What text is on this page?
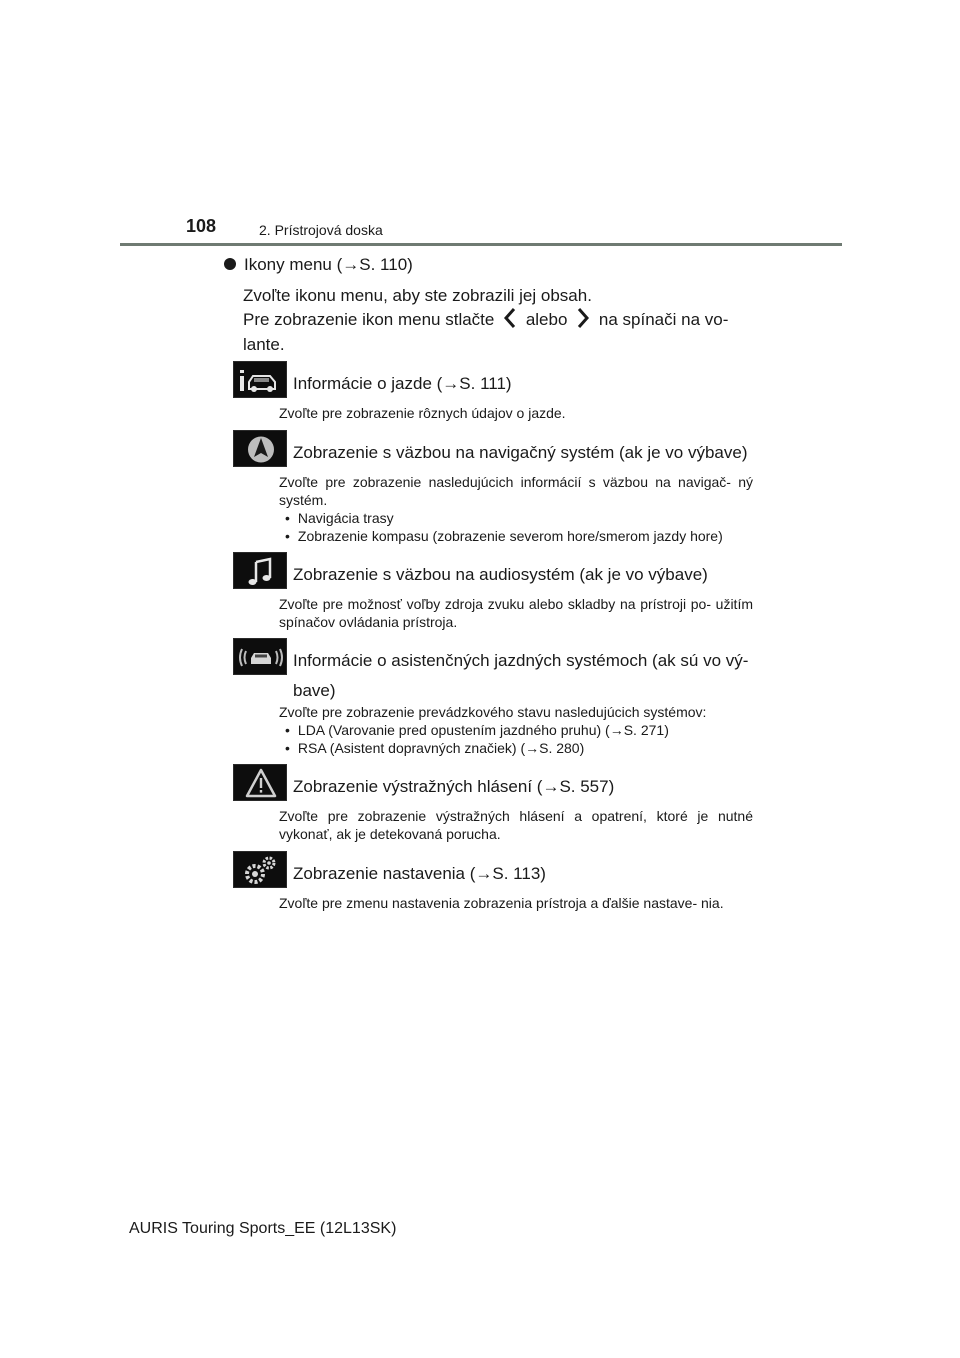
108	2. Prístrojová doska
Ikony menu (→S. 110)
Zvoľte ikonu menu, aby ste zobrazili jej obsah.
Pre zobrazenie ikon menu stlačte alebo na spínači na vo-
lante.
Informácie o jazde (→S. 111)
Zvoľte pre zobrazenie rôznych údajov o jazde.
Zobrazenie s väzbou na navigačný systém (ak je vo výbave)
Zvoľte pre zobrazenie nasledujúcich informácií s väzbou na navigač- ný systém.
• Navigácia trasy
• Zobrazenie kompasu (zobrazenie severom hore/smerom jazdy hore)
Zobrazenie s väzbou na audiosystém (ak je vo výbave)
Zvoľte pre možnosť voľby zdroja zvuku alebo skladby na prístroji po- užitím spínačov ovládania prístroja.
Informácie o asistenčných jazdných systémoch (ak sú vo vý- bave)
Zvoľte pre zobrazenie prevádzkového stavu nasledujúcich systémov:
• LDA (Varovanie pred opustením jazdného pruhu) (→S. 271)
• RSA (Asistent dopravných značiek) (→S. 280)
Zobrazenie výstražných hlásení (→S. 557)
Zvoľte pre zobrazenie výstražných hlásení a opatrení, ktoré je nutné vykonať, ak je detekovaná porucha.
Zobrazenie nastavenia (→S. 113)
Zvoľte pre zmenu nastavenia zobrazenia prístroja a ďalšie nastave- nia.
AURIS Touring Sports_EE (12L13SK)
